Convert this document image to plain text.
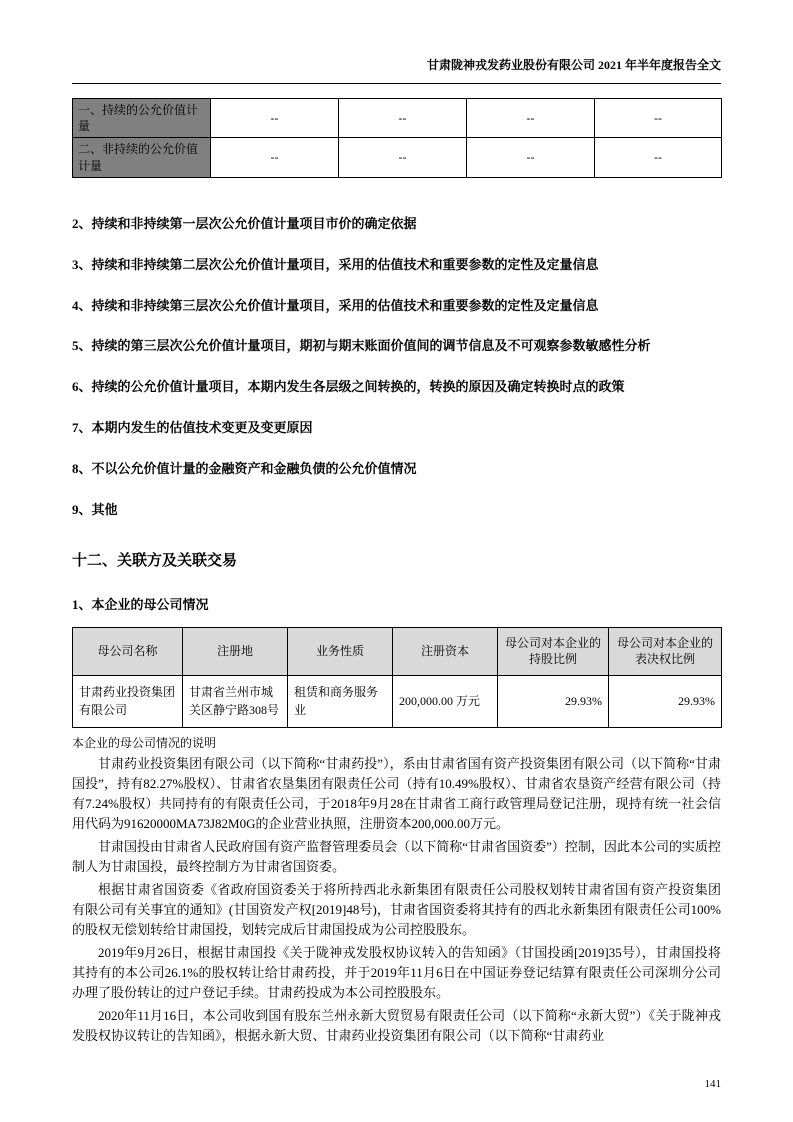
甘肃陇神戎发药业股份有限公司 2021 年半年度报告全文
一、持续的公允价值计量	--	--	--	--
二、非持续的公允价值计量	--	--	--	--

2、持续和非持续第一层次公允价值计量项目市价的确定依据

3、持续和非持续第二层次公允价值计量项目，采用的估值技术和重要参数的定性及定量信息

4、持续和非持续第三层次公允价值计量项目，采用的估值技术和重要参数的定性及定量信息

5、持续的第三层次公允价值计量项目，期初与期末账面价值间的调节信息及不可观察参数敏感性分析

6、持续的公允价值计量项目，本期内发生各层级之间转换的，转换的原因及确定转换时点的政策

7、本期内发生的估值技术变更及变更原因

8、不以公允价值计量的金融资产和金融负债的公允价值情况

9、其他

十二、关联方及关联交易
1、本企业的母公司情况
母公司名称	注册地	业务性质	注册资本	母公司对本企业的持股比例	母公司对本企业的表决权比例
甘肃药业投资集团有限公司	甘肃省兰州市城关区静宁路308号	租赁和商务服务业	200,000.00 万元	29.93%	29.93%

本企业的母公司情况的说明

甘肃药业投资集团有限公司（以下简称“甘肃药投”），系由甘肃省国有资产投资集团有限公司（以下简称“甘肃国投”，持有82.27%股权）、甘肃省农垦集团有限责任公司（持有10.49%股权）、甘肃省农垦资产经营有限公司（持有7.24%股权）共同持有的有限责任公司，于2018年9月28在甘肃省工商行政管理局登记注册，现持有统一社会信用代码为91620000MA73J82M0G的企业营业执照，注册资本200,000.00万元。

甘肃国投由甘肃省人民政府国有资产监督管理委员会（以下简称“甘肃省国资委”）控制，因此本公司的实质控制人为甘肃国投，最终控制方为甘肃省国资委。

根据甘肃省国资委《省政府国资委关于将所持西北永新集团有限责任公司股权划转甘肃省国有资产投资集团有限公司有关事宜的通知》(甘国资发产权[2019]48号)，甘肃省国资委将其持有的西北永新集团有限责任公司100%的股权无偿划转给甘肃国投，划转完成后甘肃国投成为公司控股股东。

2019年9月26日，根据甘肃国投《关于陇神戎发股权协议转入的告知函》（甘国投函[2019]35号），甘肃国投将其持有的本公司26.1%的股权转让给甘肃药投，并于2019年11月6日在中国证券登记结算有限责任公司深圳分公司办理了股份转让的过户登记手续。甘肃药投成为本公司控股股东。

2020年11月16日，本公司收到国有股东兰州永新大贸贸易有限责任公司（以下简称“永新大贸”）《关于陇神戎发股权协议转让的告知函》，根据永新大贸、甘肃药业投资集团有限公司（以下简称“甘肃药业

141
